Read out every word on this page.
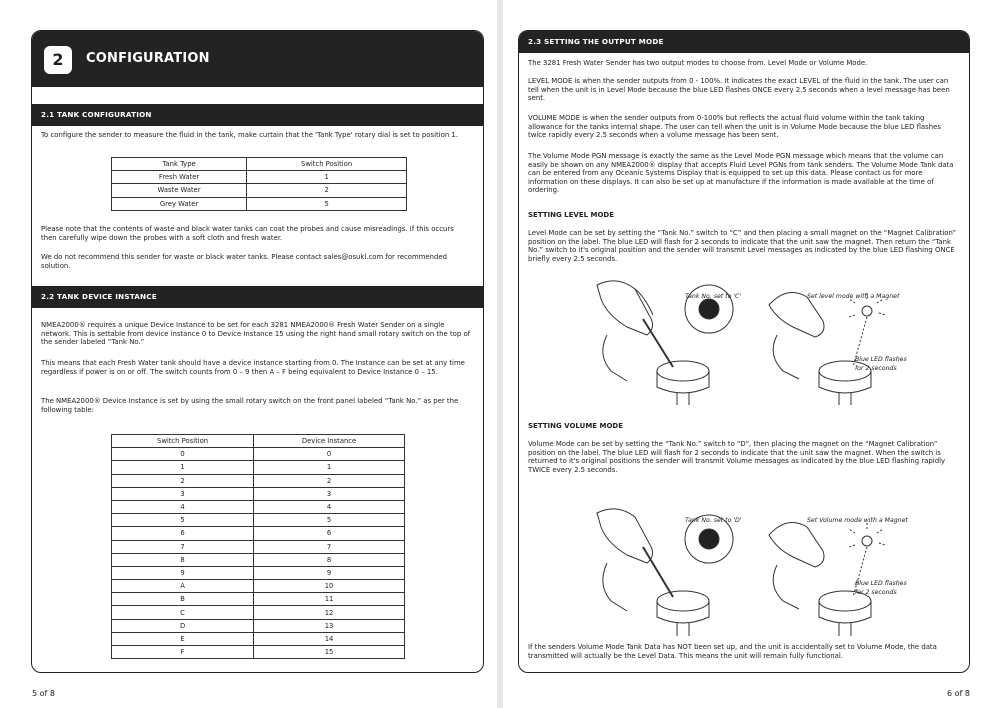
2	CONFIGURATION
2.1 TANK CONFIGURATION
To configure the sender to measure the fluid in the tank, make curtain that the 'Tank Type' rotary dial is set to position 1.
Tank Type	Switch Position
Fresh Water	1
Waste Water	2
Grey Water	5
Please note that the contents of waste and black water tanks can coat the probes and cause misreadings. If this occurs then carefully wipe down the probes with a soft cloth and fresh water.
We do not recommend this sender for waste or black water tanks. Please contact sales@osukl.com for recommended solution.
2.2 TANK DEVICE INSTANCE
NMEA2000® requires a unique Device Instance to be set for each 3281 NMEA2000® Fresh Water Sender on a single network. This is settable from device instance 0 to Device Instance 15 using the right hand small rotary switch on the top of the sender labeled “Tank No.”
This means that each Fresh Water tank should have a device instance starting from 0. The Instance can be set at any time regardless if power is on or off. The switch counts from 0 – 9 then A – F being equivalent to Device Instance 0 – 15.
The NMEA2000® Device Instance is set by using the small rotary switch on the front panel labeled “Tank No.” as per the following table:
Switch Position	Device Instance
0	0
1	1
2	2
3	3
4	4
5	5
6	6
7	7
8	8
9	9
A	10
B	11
C	12
D	13
E	14
F	15
5 of 8
2.3 SETTING THE OUTPUT MODE
The 3281 Fresh Water Sender has two output modes to choose from. Level Mode or Volume Mode.
LEVEL MODE is when the sender outputs from 0 - 100%. It indicates the exact LEVEL of the fluid in the tank. The user can tell when the unit is in Level Mode because the blue LED flashes ONCE every 2.5 seconds when a level message has been sent.
VOLUME MODE is when the sender outputs from 0-100% but reflects the actual fluid volume within the tank taking allowance for the tanks internal shape. The user can tell when the unit is in Volume Mode because the blue LED flashes twice rapidly every 2.5 seconds when a volume message has been sent.
The Volume Mode PGN message is exactly the same as the Level Mode PGN message which means that the volume can easily be shown on any NMEA2000® display that accepts Fluid Level PGNs from tank senders. The Volume Mode Tank data can be entered from any Oceanic Systems Display that is equipped to set up this data. Please contact us for more information on these displays. It can also be set up at manufacture if the information is made available at the time of ordering.
SETTING LEVEL MODE
Level Mode can be set by setting the “Tank No.” switch to “C” and then placing a small magnet on the “Magnet Calibration” position on the label. The blue LED will flash for 2 seconds to indicate that the unit saw the magnet. Then return the “Tank No.” switch to it's original position and the sender will transmit Level messages as indicated by the blue LED flashing ONCE briefly every 2.5 seconds.
Tank No. set to 'C'	Set level mode with a Magnet
Blue LED flashes
for 2 seconds
SETTING VOLUME MODE
Volume Mode can be set by setting the “Tank No.” switch to “D”, then placing the magnet on the “Magnet Calibration” position on the label. The blue LED will flash for 2 seconds to indicate that the unit saw the magnet. When the switch is returned to it's original positions the sender will transmit Volume messages as indicated by the blue LED flashing rapidly TWICE every 2.5 seconds.
Tank No. set to 'D'	Set Volume mode with a Magnet
Blue LED flashes
for 2 seconds
If the senders Volume Mode Tank Data has NOT been set up, and the unit is accidentally set to Volume Mode, the data transmitted will actually be the Level Data. This means the unit will remain fully functional.
6 of 8
